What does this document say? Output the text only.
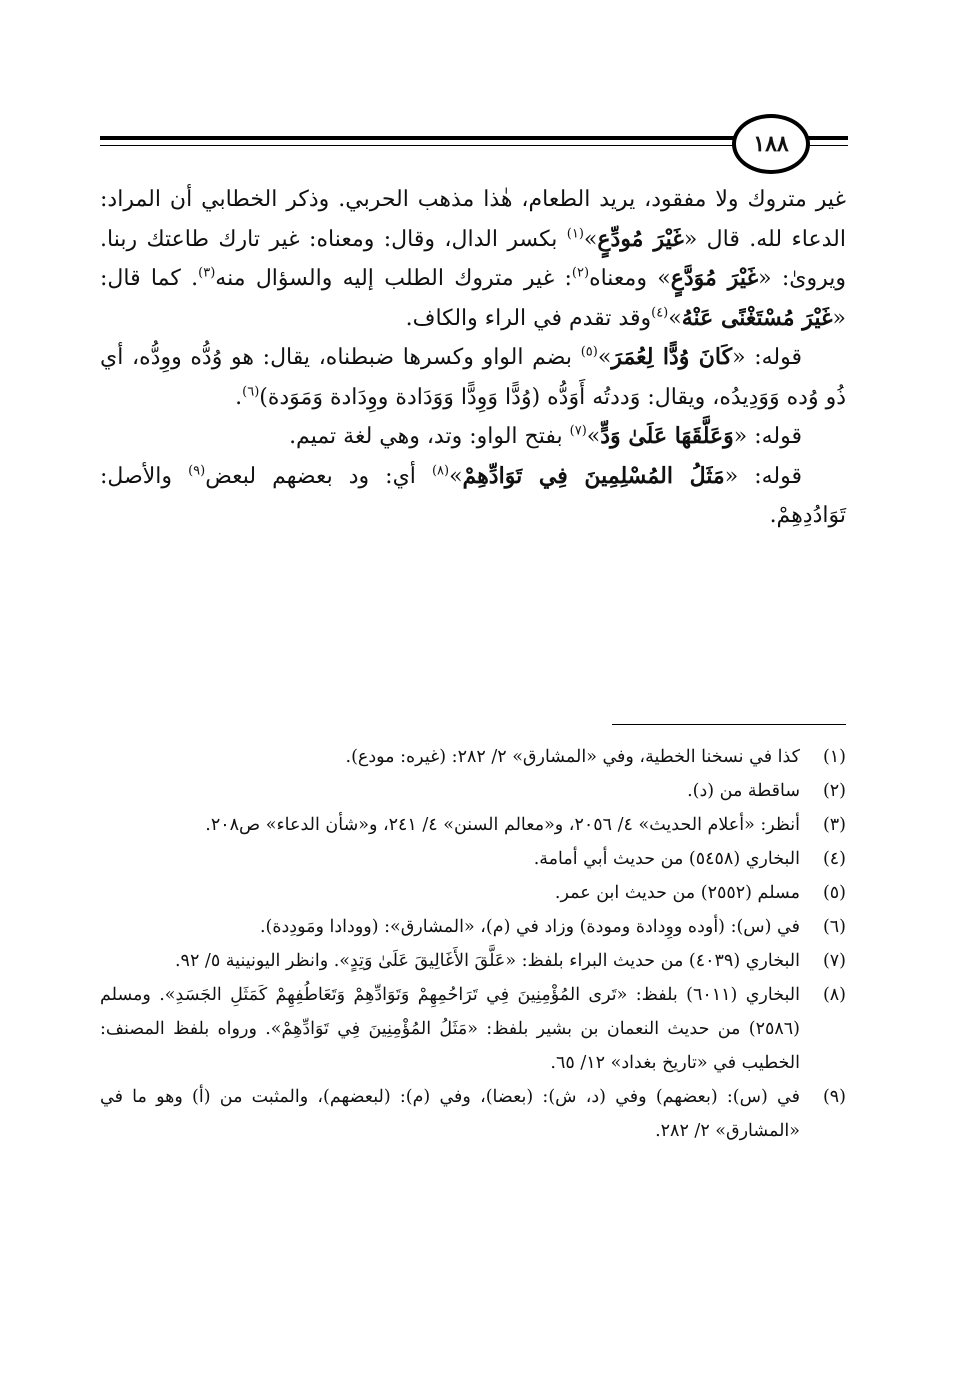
١٨٨

غير متروك ولا مفقود، يريد الطعام، هٰذا مذهب الحربي. وذكر الخطابي أن المراد: الدعاء لله. قال «غَيْرَ مُودِّعٍ»$^{(١)}$ بكسر الدال، وقال: ومعناه: غير تارك طاعتك ربنا. ويروىٰ: «غَيْرَ مُوَدَّعٍ» ومعناه$^{(٢)}$: غير متروك الطلب إليه والسؤال منه$^{(٣)}$. كما قال: «غَيْرَ مُسْتَغْنًى عَنْهُ»$^{(٤)}$وقد تقدم في الراء والكاف.

قوله: «كَانَ وُدًّا لِعُمَرَ»$^{(٥)}$ بضم الواو وكسرها ضبطناه، يقال: هو وُدُّه ووِدُّه، أي ذُو وُده وَوَدِيدُه، ويقال: وَددتُه أَوَدُّه (وُدًّا وَوِدًّا وَوَدَادة ووِدَادة وَمَوَدة)$^{(٦)}$.

قوله: «وَعَلَّقَهَا عَلَىٰ وَدٍّ»$^{(٧)}$ بفتح الواو: وتد، وهي لغة تميم.

قوله: «مَثَلُ المُسْلِمِينَ فِي تَوَادِّهِمْ»$^{(٨)}$ أي: ود بعضهم لبعض$^{(٩)}$ والأصل: تَوَادُدِهِمْ.

(١)
كذا في نسخنا الخطية، وفي «المشارق» ٢/ ٢٨٢: (غيره: مودع).
(٢)
ساقطة من (د).
(٣)
أنظر: «أعلام الحديث» ٤/ ٢٠٥٦، و«معالم السنن» ٤/ ٢٤١، و«شأن الدعاء» ص٢٠٨.
(٤)
البخاري (٥٤٥٨) من حديث أبي أمامة.
(٥)
مسلم (٢٥٥٢) من حديث ابن عمر.
(٦)
في (س): (أوده ووِدادة ومودة) وزاد في (م)، «المشارق»: (وودادا ومَودِدة).
(٧)
البخاري (٤٠٣٩) من حديث البراء بلفظ: «عَلَّقَ الأَغَالِيقَ عَلَىٰ وَتِدٍ». وانظر اليونينية ٥/ ٩٢.
(٨)
البخاري (٦٠١١) بلفظ: «تَرى المُؤْمِنِينَ فِي تَرَاحُمِهِمْ وَتَوَادِّهِمْ وَتَعَاطُفِهِمْ كَمَثَلِ الجَسَدِ». ومسلم (٢٥٨٦) من حديث النعمان بن بشير بلفظ: «مَثَلُ المُؤْمِنِينَ فِي تَوَادِّهِمْ». ورواه بلفظ المصنف: الخطيب في «تاريخ بغداد» ١٢/ ٦٥.
(٩)
في (س): (بعضهم) وفي (د، ش): (بعضا)، وفي (م): (لبعضهم)، والمثبت من (أ) وهو ما في «المشارق» ٢/ ٢٨٢.
